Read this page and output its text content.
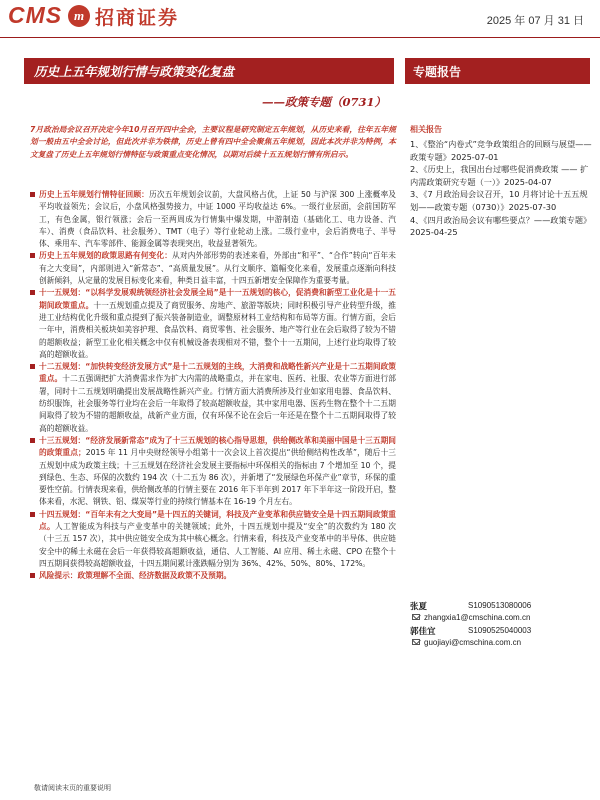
CMS m 招商证券	2025 年 07 月 31 日
历史上五年规划行情与政策变化复盘
——政策专题（0731）
专题报告
7月政治局会议召开决定今年10月召开四中全会，主要议程是研究制定五年规划，从历史来看，往年五年规划一般由五中全会讨论，但此次并非为铁律，历史上曾有四中全会聚焦五年规划，因此本次并非为特例，本文复盘了历史上五年规划行情特征与政策重点变化情况，以期对后续十五五规划行情有所启示。
历史上五年规划行情特征回顾：历次五年规划会议前，大盘风格占优，上证 50 与沪深 300 上涨概率及平均收益领先；会议后，小盘风格强势接力，中证 1000 平均收益达 6%。一级行业层面，会前国防军工，有色金属，银行领涨；会后一至两周成为行情集中爆发期，中游制造（基础化工、电力设备、汽车）、消费（食品饮料、社会服务）、TMT（电子）等行业轮动上涨。二级行业中，会后消费电子、半导体、乘用车、汽车零部件、能源金属等表现突出，收益显著领先。
历史上五年规划的政策思路有何变化：从对内外部形势的表述来看，外部由“和平”、“合作”转向“百年未有之大变局”，内部则进入“新常态”、“高质量发展”。从行文顺序、篇幅变化来看，发展重点逐渐向科技创新倾斜，从定量的发展目标变化来看，种类日益丰富，十四五新增安全保障作为重要考量。
十一五规划：“以科学发展观统领经济社会发展全局”是十一五规划的核心，促消费和新型工业化是十一五期间政策重点。十一五规划重点提及了商贸服务、房地产、旅游等版块；同时积极引导产业转型升级，推进工业结构优化升级和重点提到了振兴装备制造业，调整原材料工业结构和布局等方面。行情方面，会后一年中，消费相关板块如美容护理、食品饮料、商贸零售、社会服务、地产等行业在会后取得了较为不错的超额收益；新型工业化相关概念中仅有机械设备表现相对不错，整个十一五期间，上述行业均取得了较高的超额收益。
十二五规划：“加快转变经济发展方式”是十二五规划的主线，大消费和战略性新兴产业是十二五期间政策重点。十二五强调把扩大消费需求作为扩大内需的战略重点，并在家电、医药、社服、农业等方面进行部署，同时十二五规划明确提出发展战略性新兴产业。行情方面大消费所涉及行业如家用电器、食品饮料、纺织服饰，社会服务等行业均在会后一年取得了较高超额收益，其中家用电器、医药生物在整个十二五期间取得了较为不错的超额收益，战新产业方面，仅有环保不论在会后一年还是在整个十二五期间取得了较高的超额收益。
十三五规划：“经济发展新常态”成为了十三五规划的核心指导思想，供给侧改革和美丽中国是十三五期间的政策重点；2015 年 11 月中央财经领导小组第十一次会议上首次提出“供给侧结构性改革”，随后十三五规划中成为政策主线；十三五规划在经济社会发展主要指标中环保相关的指标由 7 个增加至 10 个，提到绿色、生态、环保的次数约 194 次（十二五为 86 次），并新增了“发展绿色环保产业”章节，环保的重要性空前。行情表现来看，供给侧改革的行情主要在 2016 年下半年到 2017 年下半年这一阶段开启，整体来看，水泥、钢铁、铝、煤炭等行业的持续行情基本在 16-19 个月左右。
十四五规划：“百年未有之大变局”是十四五的关键词，科技及产业变革和供应链安全是十四五期间政策重点。人工智能成为科技与产业变革中的关键领域；此外，十四五规划中提及“安全”的次数约为 180 次（十三五 157 次），其中供应链安全成为其中核心概念。行情来看，科技及产业变革中的半导体、供应链安全中的稀土永磁在会后一年获得较高超额收益，通信、人工智能、AI 应用、稀土永磁、CPO 在整个十四五期间获得较高超额收益，十四五期间累计涨跌幅分别为 36%、42%、50%、80%、172%。
风险提示：政策理解不全面、经济数据及政策不及预期。
相关报告
1、《整治“内卷式”竞争政策组合的回顾与展望——政策专题》2025-07-01
2、《历史上，我国出台过哪些促消费政策 —— 扩内需政策研究专题（一）》2025-04-07
3、《7 月政治局会议召开，10 月将讨论十五五规划——政策专题（0730）》2025-07-30
4、《四月政治局会议有哪些要点？——政策专题》2025-04-25
张夏	S1090513080006
zhangxia1@cmschina.com.cn
郭佳宜	S1090525040003
guojiayi@cmschina.com.cn
敬请阅读末页的重要说明
